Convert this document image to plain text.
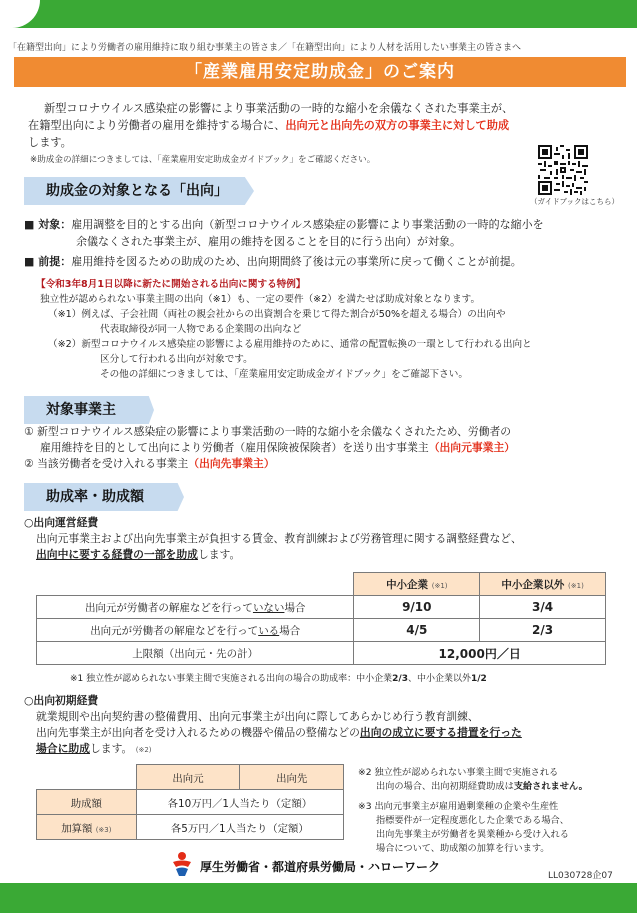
「在籍型出向」により労働者の雇用維持に取り組む事業主の皆さま／「在籍型出向」により人材を活用したい事業主の皆さまへ
「産業雇用安定助成金」のご案内
新型コロナウイルス感染症の影響により事業活動の一時的な縮小を余儀なくされた事業主が、
在籍型出向により労働者の雇用を維持する場合に、出向元と出向先の双方の事業主に対して助成
します。
※助成金の詳細につきましては、「産業雇用安定助成金ガイドブック」をご確認ください。
（ガイドブックはこちら）
助成金の対象となる「出向」
■ 対象：雇用調整を目的とする出向（新型コロナウイルス感染症の影響により事業活動の一時的な縮小を
余儀なくされた事業主が、雇用の維持を図ることを目的に行う出向）が対象。
■ 前提：雇用維持を図るための助成のため、出向期間終了後は元の事業所に戻って働くことが前提。
【令和3年8月1日以降に新たに開始される出向に関する特例】
独立性が認められない事業主間の出向（※1）も、一定の要件（※2）を満たせば助成対象となります。
（※1）例えば、子会社間（両社の親会社からの出資割合を乗じて得た割合が50%を超える場合）の出向や
代表取締役が同一人物である企業間の出向など
（※2）新型コロナウイルス感染症の影響による雇用維持のために、通常の配置転換の一環として行われる出向と
区分して行われる出向が対象です。
その他の詳細につきましては、「産業雇用安定助成金ガイドブック」をご確認下さい。
対象事業主
① 新型コロナウイルス感染症の影響により事業活動の一時的な縮小を余儀なくされたため、労働者の
雇用維持を目的として出向により労働者（雇用保険被保険者）を送り出す事業主（出向元事業主）
② 当該労働者を受け入れる事業主（出向先事業主）
助成率・助成額
○出向運営経費
出向元事業主および出向先事業主が負担する賃金、教育訓練および労務管理に関する調整経費など、
出向中に要する経費の一部を助成します。
	中小企業 (※1)	中小企業以外 (※1)
出向元が労働者の解雇などを行っていない場合	9/10	3/4
出向元が労働者の解雇などを行っている場合	4/5	2/3
上限額（出向元・先の計）	12,000円／日	
※1 独立性が認められない事業主間で実施される出向の場合の助成率：中小企業2/3、中小企業以外1/2
○出向初期経費
就業規則や出向契約書の整備費用、出向元事業主が出向に際してあらかじめ行う教育訓練、
出向先事業主が出向者を受け入れるための機器や備品の整備などの出向の成立に要する措置を行った
場合に助成します。 (※2)
	出向元	出向先
助成額	各10万円／1人当たり（定額）	
加算額 (※3)	各5万円／1人当たり（定額）	
※2 独立性が認められない事業主間で実施される
出向の場合、出向初期経費助成は支給されません。
※3 出向元事業主が雇用過剰業種の企業や生産性
指標要件が一定程度悪化した企業である場合、
出向先事業主が労働者を異業種から受け入れる
場合について、助成額の加算を行います。
厚生労働省・都道府県労働局・ハローワーク
LL030728企07
